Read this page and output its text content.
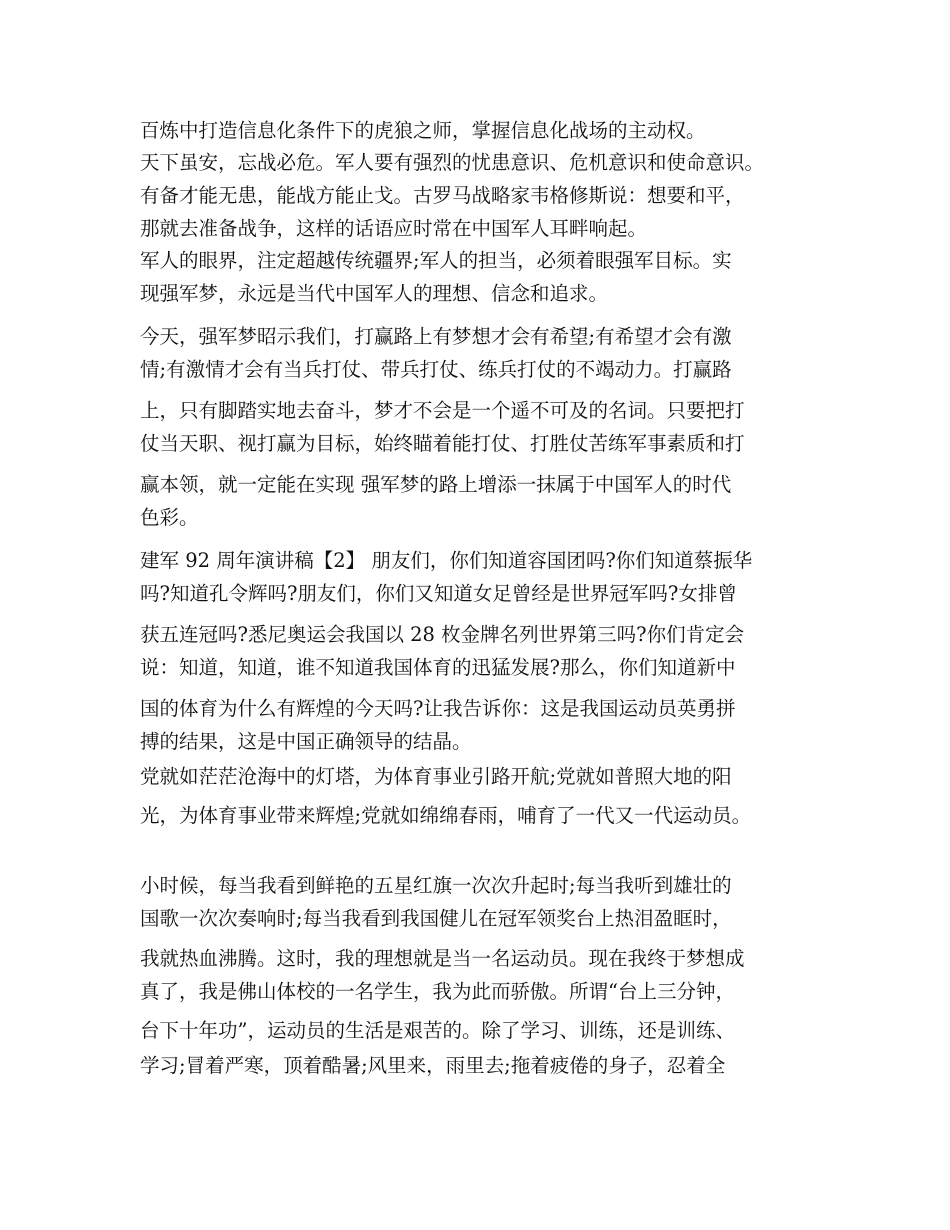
百炼中打造信息化条件下的虎狼之师，掌握信息化战场的主动权。
天下虽安，忘战必危。军人要有强烈的忧患意识、危机意识和使命意识。
有备才能无患，能战方能止戈。古罗马战略家韦格修斯说：想要和平，
那就去准备战争，这样的话语应时常在中国军人耳畔响起。
军人的眼界，注定超越传统疆界;军人的担当，必须着眼强军目标。实
现强军梦，永远是当代中国军人的理想、信念和追求。
今天，强军梦昭示我们，打赢路上有梦想才会有希望;有希望才会有激
情;有激情才会有当兵打仗、带兵打仗、练兵打仗的不竭动力。打赢路
上，只有脚踏实地去奋斗，梦才不会是一个遥不可及的名词。只要把打
仗当天职、视打赢为目标，始终瞄着能打仗、打胜仗苦练军事素质和打
赢本领，就一定能在实现 强军梦的路上增添一抹属于中国军人的时代
色彩。
建军 92 周年演讲稿【2】 朋友们，你们知道容国团吗?你们知道蔡振华
吗?知道孔令辉吗?朋友们，你们又知道女足曾经是世界冠军吗?女排曾
获五连冠吗?悉尼奥运会我国以 28 枚金牌名列世界第三吗?你们肯定会
说：知道，知道，谁不知道我国体育的迅猛发展?那么，你们知道新中
国的体育为什么有辉煌的今天吗?让我告诉你：这是我国运动员英勇拼
搏的结果，这是中国正确领导的结晶。
党就如茫茫沧海中的灯塔，为体育事业引路开航;党就如普照大地的阳
光，为体育事业带来辉煌;党就如绵绵春雨，哺育了一代又一代运动员。
小时候，每当我看到鲜艳的五星红旗一次次升起时;每当我听到雄壮的
国歌一次次奏响时;每当我看到我国健儿在冠军领奖台上热泪盈眶时，
我就热血沸腾。这时，我的理想就是当一名运动员。现在我终于梦想成
真了，我是佛山体校的一名学生，我为此而骄傲。所谓“台上三分钟，
台下十年功”，运动员的生活是艰苦的。除了学习、训练，还是训练、
学习;冒着严寒，顶着酷暑;风里来，雨里去;拖着疲倦的身子，忍着全
